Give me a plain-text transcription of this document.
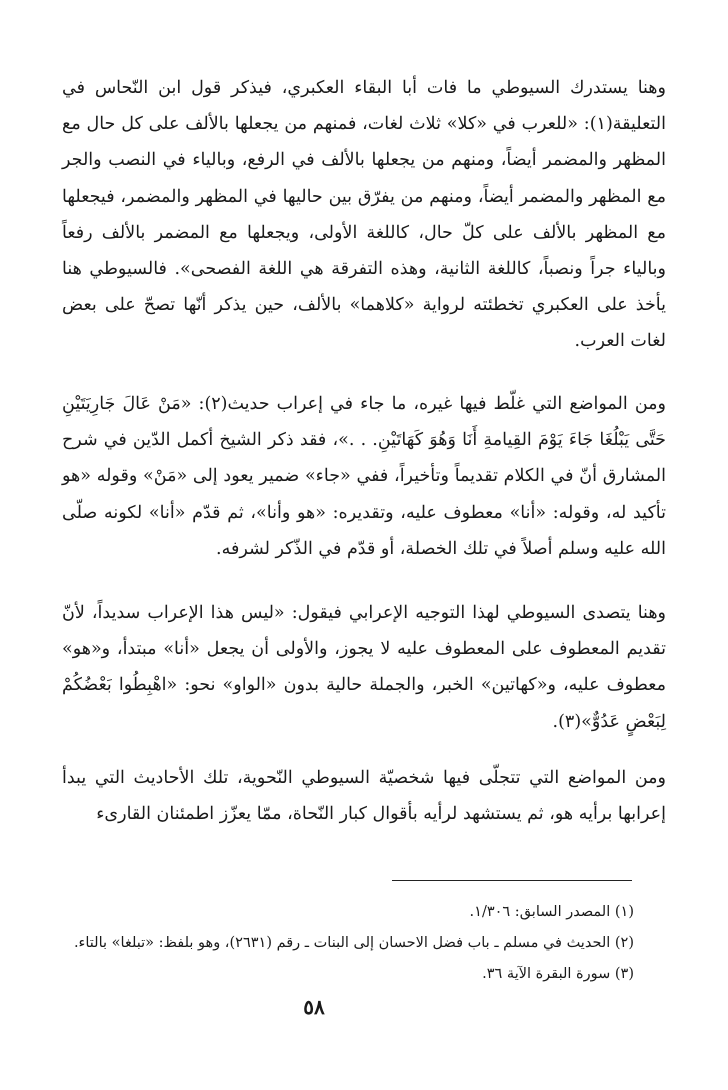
وهنا يستدرك السيوطي ما فات أبا البقاء العكبري، فيذكر قول ابن النّحاس في التعليقة(١): «للعرب في «كلا» ثلاث لغات، فمنهم من يجعلها بالألف على كل حال مع المظهر والمضمر أيضاً، ومنهم من يجعلها بالألف في الرفع، وبالياء في النصب والجر مع المظهر والمضمر أيضاً، ومنهم من يفرّق بين حاليها في المظهر والمضمر، فيجعلها مع المظهر بالألف على كلّ حال، كاللغة الأولى، ويجعلها مع المضمر بالألف رفعاً وبالياء جراً ونصباً، كاللغة الثانية، وهذه التفرقة هي اللغة الفصحى». فالسيوطي هنا يأخذ على العكبري تخطئته لرواية «كلاهما» بالألف، حين يذكر أنّها تصحّ على بعض لغات العرب.

ومن المواضع التي غلّط فيها غيره، ما جاء في إعراب حديث(٢): «مَنْ عَالَ جَارِيَتَيْنِ حَتَّى يَبْلُغَا جَاءَ يَوْمَ القِيامةِ أَنَا وَهُوَ كَهَاتَيْنِ. . .»، فقد ذكر الشيخ أكمل الدّين في شرح المشارق أنّ في الكلام تقديماً وتأخيراً، ففي «جاء» ضمير يعود إلى «مَنْ» وقوله «هو تأكيد له، وقوله: «أنا» معطوف عليه، وتقديره: «هو وأنا»، ثم قدّم «أنا» لكونه صلّى الله عليه وسلم أصلاً في تلك الخصلة، أو قدّم في الذّكر لشرفه.

وهنا يتصدى السيوطي لهذا التوجيه الإعرابي فيقول: «ليس هذا الإعراب سديداً، لأنّ تقديم المعطوف على المعطوف عليه لا يجوز، والأولى أن يجعل «أنا» مبتدأ، و«هو» معطوف عليه، و«كهاتين» الخبر، والجملة حالية بدون «الواو» نحو: «اهْبِطُوا بَعْضُكُمْ لِبَعْضٍ عَدُوٌّ»(٣).

ومن المواضع التي تتجلّى فيها شخصيّة السيوطي النّحوية، تلك الأحاديث التي يبدأ إعرابها برأيه هو، ثم يستشهد لرأيه بأقوال كبار النّحاة، ممّا يعزّز اطمئنان القارىء

(١) المصدر السابق: ١/٣٠٦.
(٢) الحديث في مسلم ـ باب فضل الاحسان إلى البنات ـ رقم (٢٦٣١)، وهو بلفظ: «تبلغا» بالتاء.
(٣) سورة البقرة الآية ٣٦.
٥٨
